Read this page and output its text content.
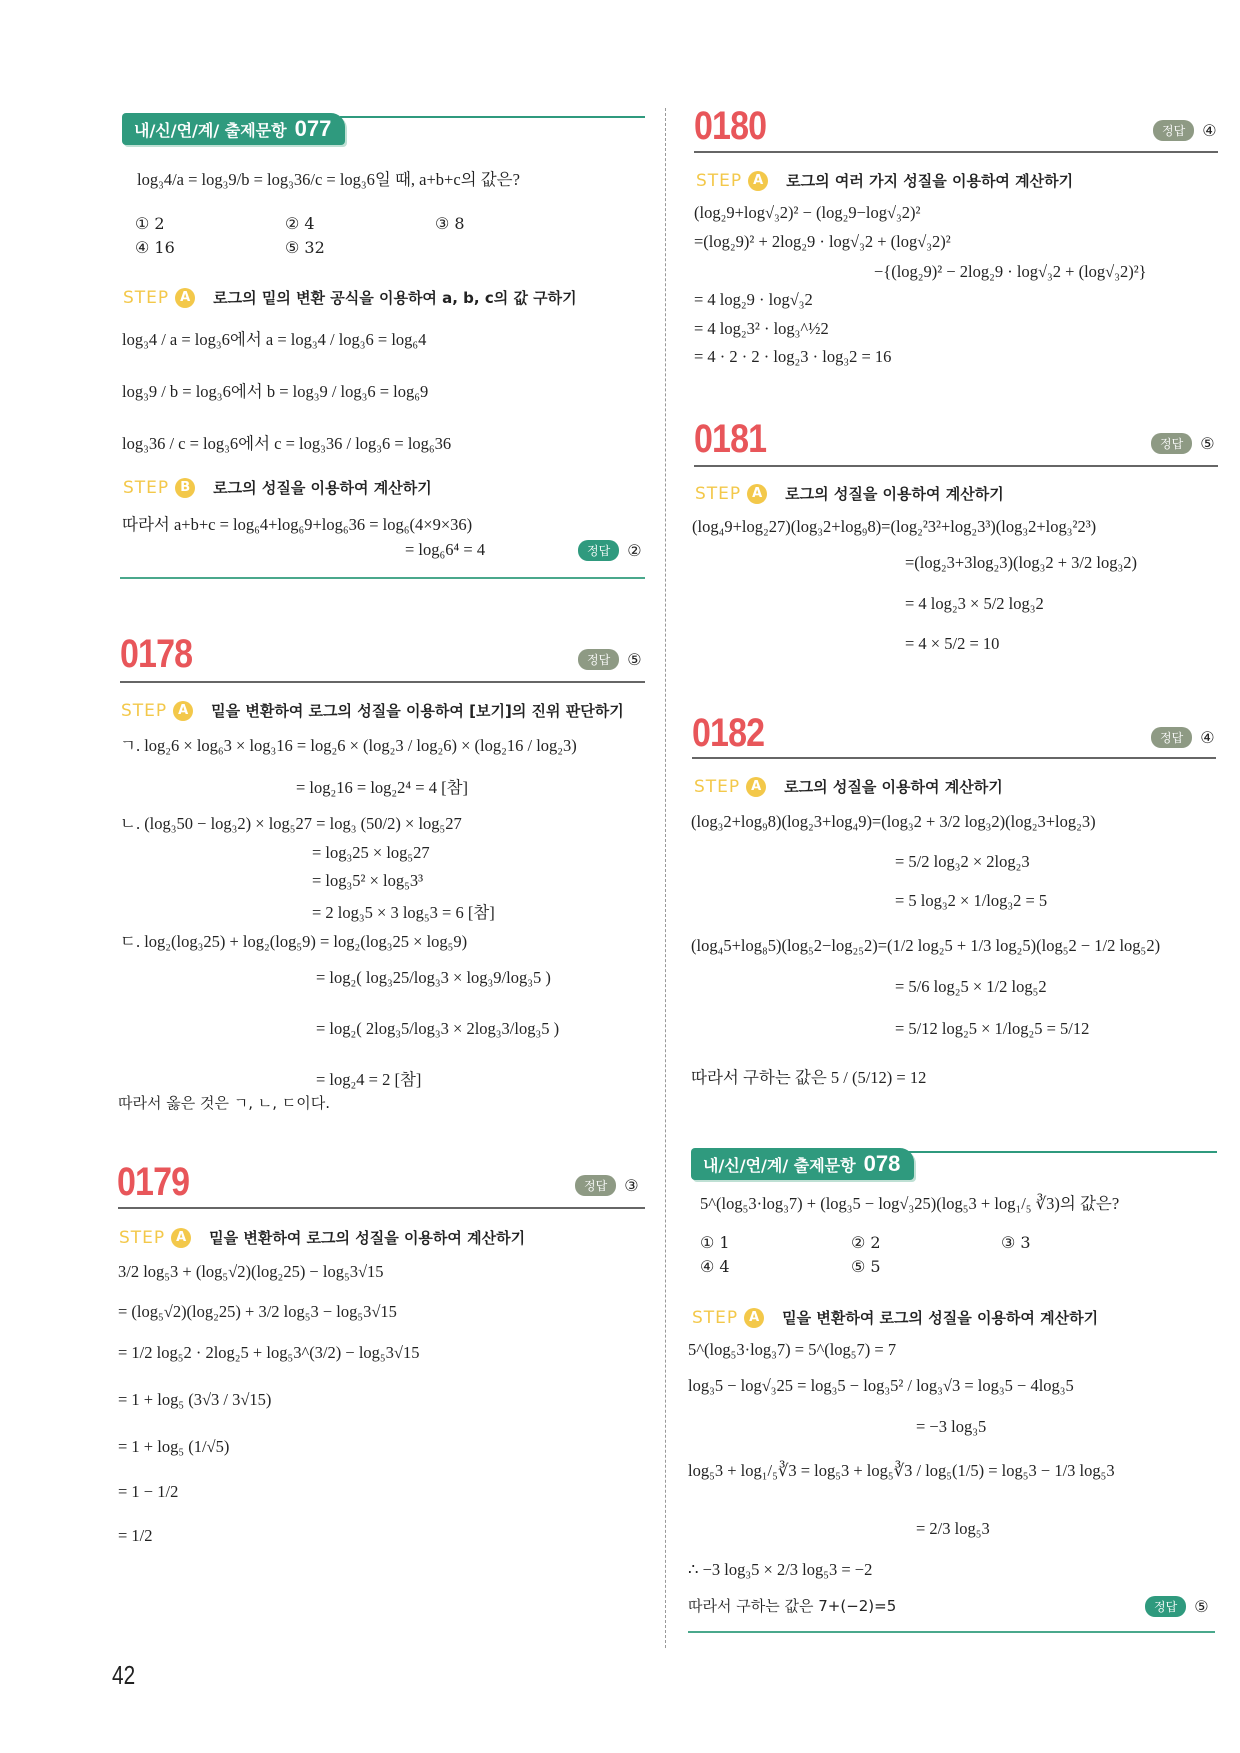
내/신/연/계/ 출제문항 077
log₃4/a = log₃9/b = log₃36/c = log₃6일 때, a+b+c의 값은?
① 2	② 4	③ 8
④ 16	⑤ 32
STEP A	로그의 밑의 변환 공식을 이용하여 a, b, c의 값 구하기
log₃4 / a = log₃6에서 a = log₃4 / log₃6 = log₆4
log₃9 / b = log₃6에서 b = log₃9 / log₃6 = log₆9
log₃36 / c = log₃6에서 c = log₃36 / log₃6 = log₆36
STEP B	로그의 성질을 이용하여 계산하기
따라서 a+b+c = log₆4+log₆9+log₆36 = log₆(4×9×36)
= log₆6⁴ = 4	정답	②
0178	정답	⑤
STEP A	밑을 변환하여 로그의 성질을 이용하여 [보기]의 진위 판단하기
ㄱ. log₂6 × log₆3 × log₃16 = log₂6 × (log₂3 / log₂6) × (log₂16 / log₂3)
= log₂16 = log₂2⁴ = 4 [참]
ㄴ. (log₃50 − log₃2) × log₅27 = log₃ (50/2) × log₅27
= log₃25 × log₅27
= log₃5² × log₅3³
= 2 log₃5 × 3 log₅3 = 6 [참]
ㄷ. log₂(log₃25) + log₂(log₅9) = log₂(log₃25 × log₅9)
= log₂( log₃25/log₃3 × log₃9/log₃5 )
= log₂( 2log₃5/log₃3 × 2log₃3/log₃5 )
= log₂4 = 2 [참]
따라서 옳은 것은 ㄱ, ㄴ, ㄷ이다.
0179	정답	③
STEP A	밑을 변환하여 로그의 성질을 이용하여 계산하기
3/2 log₅3 + (log₅√2)(log₂25) − log₅3√15
= (log₅√2)(log₂25) + 3/2 log₅3 − log₅3√15
= 1/2 log₅2 · 2log₂5 + log₅3^(3/2) − log₅3√15
= 1 + log₅ (3√3 / 3√15)
= 1 + log₅ (1/√5)
= 1 − 1/2
= 1/2
42
0180	정답	④
STEP A	로그의 여러 가지 성질을 이용하여 계산하기
(log₂9+log√₃2)² − (log₂9−log√₃2)²
=(log₂9)² + 2log₂9 · log√₃2 + (log√₃2)²
−{(log₂9)² − 2log₂9 · log√₃2 + (log√₃2)²}
= 4 log₂9 · log√₃2
= 4 log₂3² · log₃^½2
= 4 · 2 · 2 · log₂3 · log₃2 = 16
0181	정답	⑤
STEP A	로그의 성질을 이용하여 계산하기
(log₄9+log₂27)(log₃2+log₉8)=(log₂²3²+log₂3³)(log₃2+log₃²2³)
=(log₂3+3log₂3)(log₃2 + 3/2 log₃2)
= 4 log₂3 × 5/2 log₃2
= 4 × 5/2 = 10
0182	정답	④
STEP A	로그의 성질을 이용하여 계산하기
(log₃2+log₉8)(log₂3+log₄9)=(log₃2 + 3/2 log₃2)(log₂3+log₂3)
= 5/2 log₃2 × 2log₂3
= 5 log₃2 × 1/log₃2 = 5
(log₄5+log₈5)(log₅2−log₂₅2)=(1/2 log₂5 + 1/3 log₂5)(log₅2 − 1/2 log₅2)
= 5/6 log₂5 × 1/2 log₅2
= 5/12 log₂5 × 1/log₂5 = 5/12
따라서 구하는 값은 5 / (5/12) = 12
내/신/연/계/ 출제문항 078
5^(log₅3·log₃7) + (log₃5 − log√₃25)(log₅3 + log₁/₅ ∛3)의 값은?
① 1	② 2	③ 3
④ 4	⑤ 5
STEP A	밑을 변환하여 로그의 성질을 이용하여 계산하기
5^(log₅3·log₃7) = 5^(log₅7) = 7
log₃5 − log√₃25 = log₃5 − log₃5² / log₃√3 = log₃5 − 4log₃5
= −3 log₃5
log₅3 + log₁/₅∛3 = log₅3 + log₅∛3 / log₅(1/5) = log₅3 − 1/3 log₅3
= 2/3 log₅3
∴ −3 log₃5 × 2/3 log₅3 = −2
따라서 구하는 값은 7+(−2)=5	정답	⑤
